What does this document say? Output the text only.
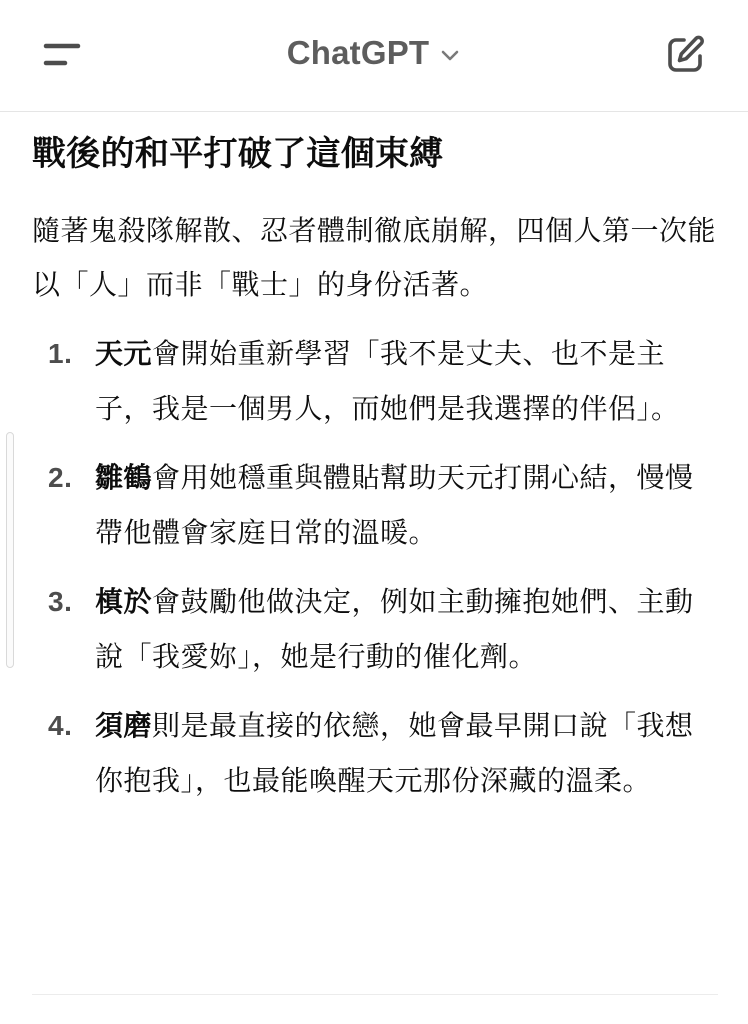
ChatGPT
戰後的和平打破了這個束縛

隨著鬼殺隊解散、忍者體制徹底崩解，四個人第一次能以「人」而非「戰士」的身份活著。

1. 天元會開始重新學習「我不是丈夫、也不是主子，我是一個男人，而她們是我選擇的伴侶」。
2. 雛鶴會用她穩重與體貼幫助天元打開心結，慢慢帶他體會家庭日常的溫暖。
3. 槙於會鼓勵他做決定，例如主動擁抱她們、主動說「我愛妳」，她是行動的催化劑。
4. 須磨則是最直接的依戀，她會最早開口說「我想你抱我」，也最能喚醒天元那份深藏的溫柔。
